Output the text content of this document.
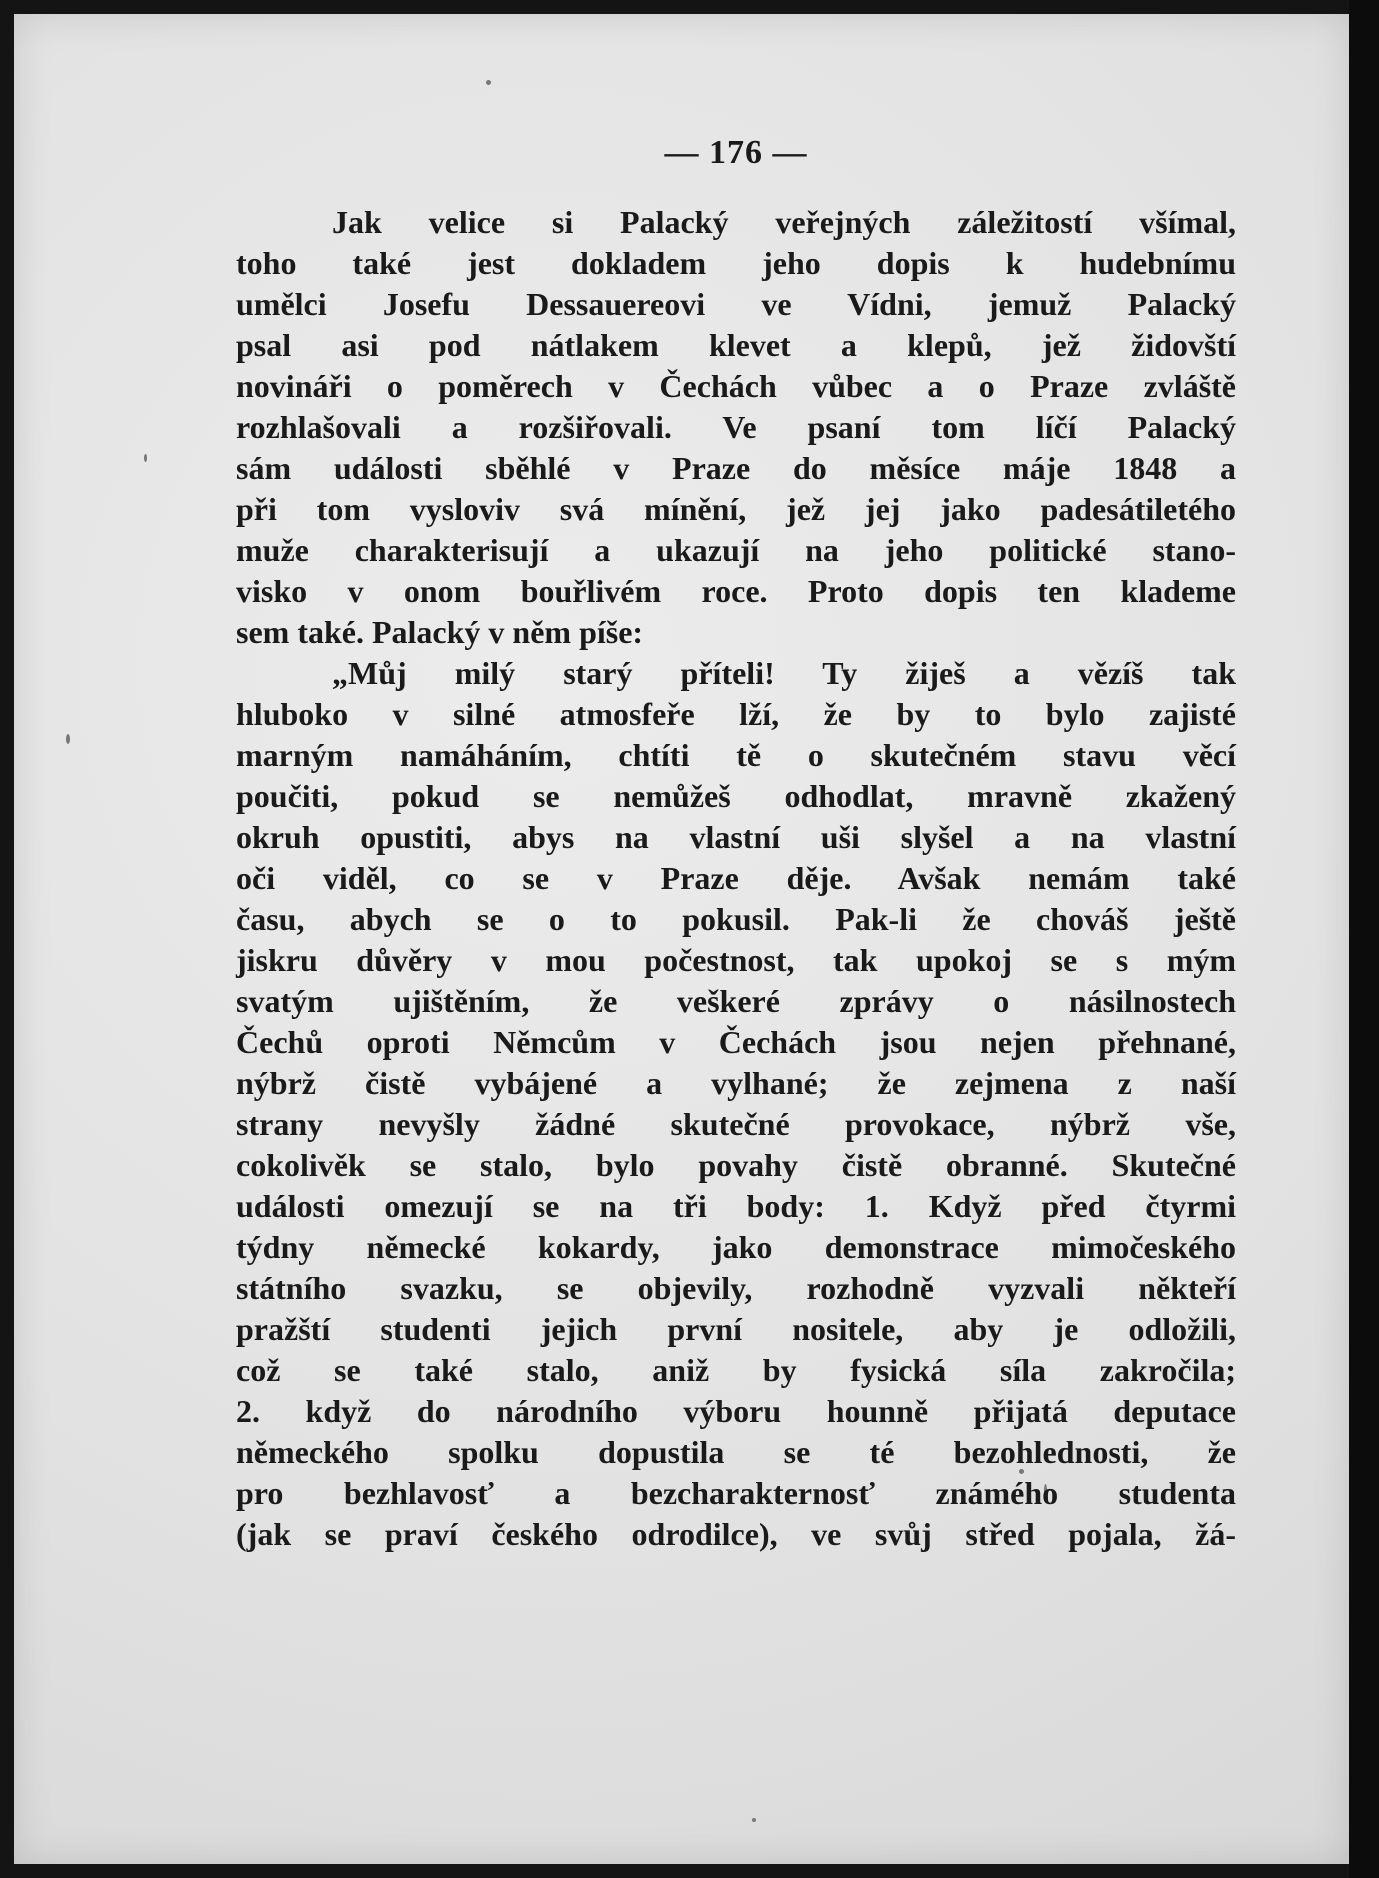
— 176 —
Jak velice si Palacký veřejných záležitostí všímal,
toho také jest dokladem jeho dopis k hudebnímu
umělci Josefu Dessauereovi ve Vídni, jemuž Palacký
psal asi pod nátlakem klevet a klepů, jež židovští
novináři o poměrech v Čechách vůbec a o Praze zvláště
rozhlašovali a rozšiřovali. Ve psaní tom líčí Palacký
sám události sběhlé v Praze do měsíce máje 1848 a
při tom vysloviv svá mínění, jež jej jako padesátiletého
muže charakterisují a ukazují na jeho politické stano-
visko v onom bouřlivém roce. Proto dopis ten klademe
sem také. Palacký v něm píše:
„Můj milý starý příteli! Ty žiješ a vězíš tak
hluboko v silné atmosfeře lží, že by to bylo zajisté
marným namáháním, chtíti tě o skutečném stavu věcí
poučiti, pokud se nemůžeš odhodlat, mravně zkažený
okruh opustiti, abys na vlastní uši slyšel a na vlastní
oči viděl, co se v Praze děje. Avšak nemám také
času, abych se o to pokusil. Pak-li že chováš ještě
jiskru důvěry v mou počestnost, tak upokoj se s mým
svatým ujištěním, že veškeré zprávy o násilnostech
Čechů oproti Němcům v Čechách jsou nejen přehnané,
nýbrž čistě vybájené a vylhané; že zejmena z naší
strany nevyšly žádné skutečné provokace, nýbrž vše,
cokolivěk se stalo, bylo povahy čistě obranné. Skutečné
události omezují se na tři body: 1. Když před čtyrmi
týdny německé kokardy, jako demonstrace mimočeského
státního svazku, se objevily, rozhodně vyzvali někteří
pražští studenti jejich první nositele, aby je odložili,
což se také stalo, aniž by fysická síla zakročila;
2. když do národního výboru hounně přijatá deputace
německého spolku dopustila se té bezohlednosti, že
pro bezhlavosť a bezcharakternosť známého studenta
(jak se praví českého odrodilce), ve svůj střed pojala, žá-
